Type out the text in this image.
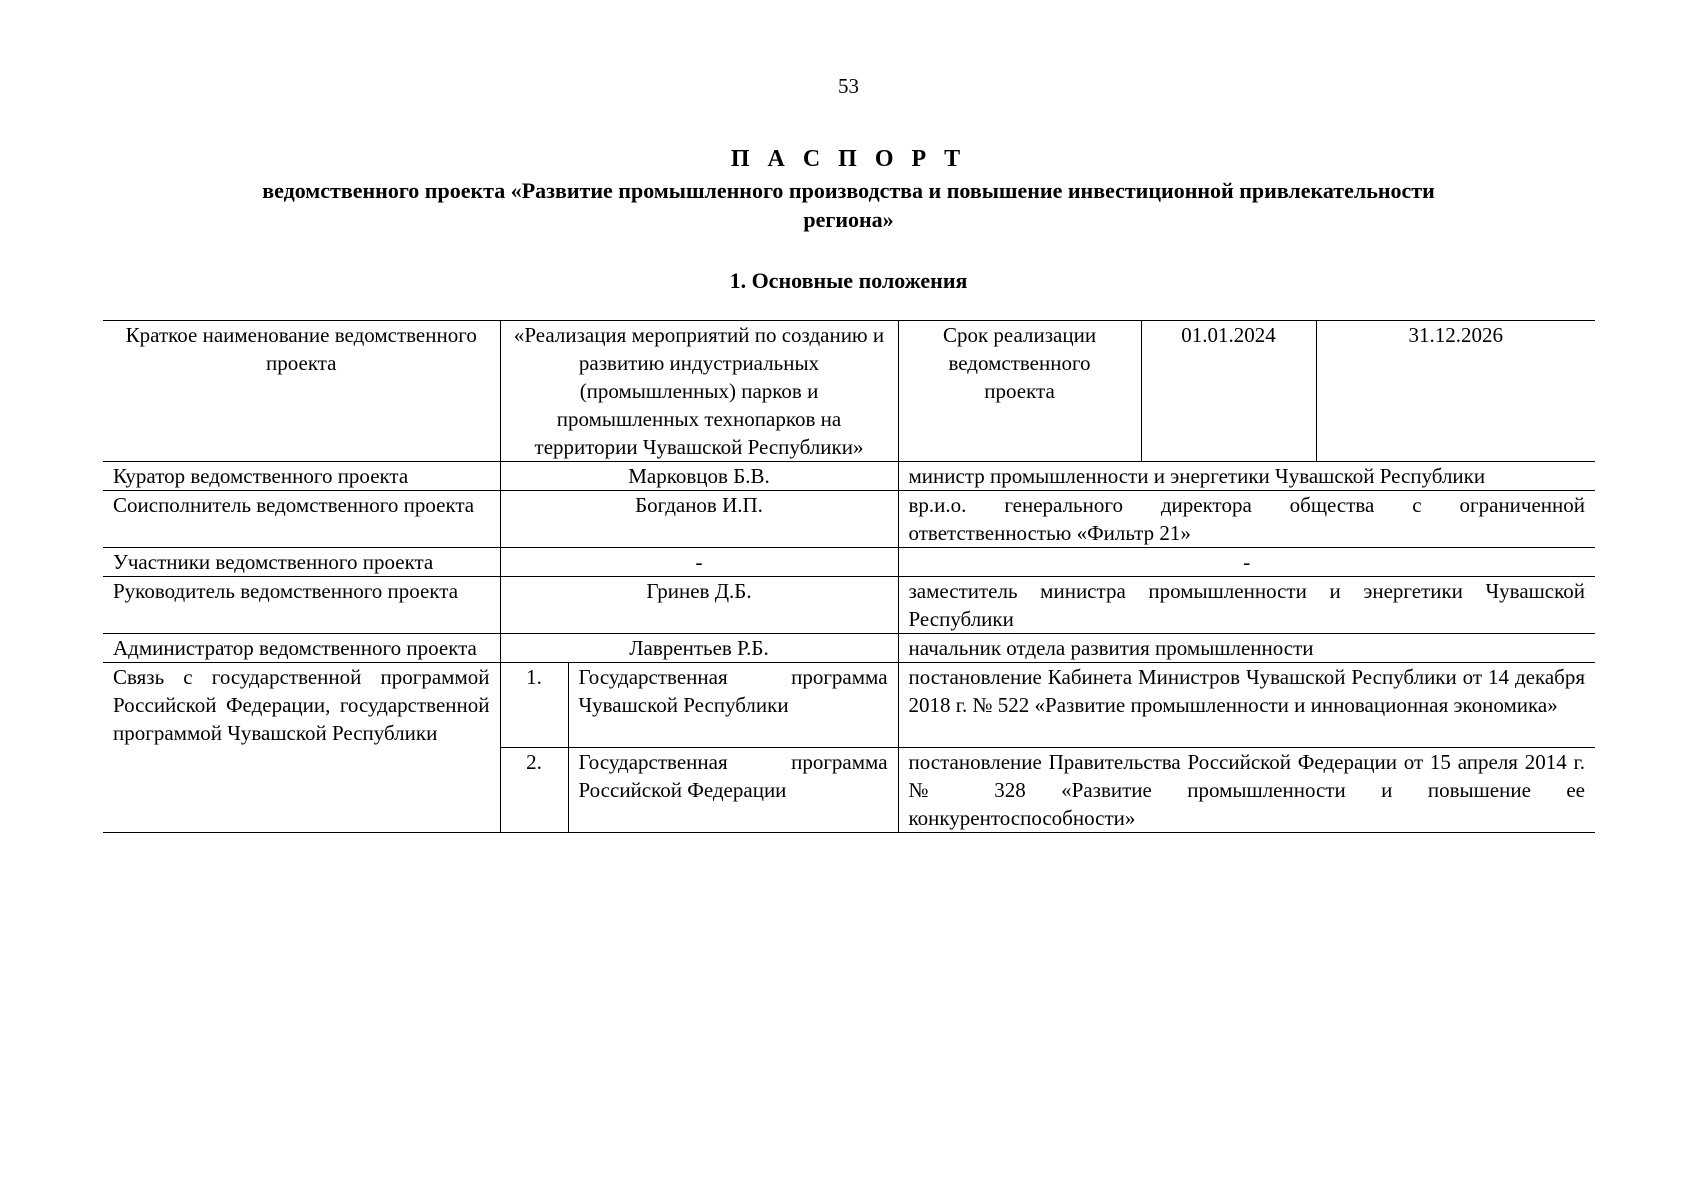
53
П А С П О Р Т
ведомственного проекта «Развитие промышленного производства и повышение инвестиционной привлекательности региона»
1. Основные положения
Краткое наименование ведомственного проекта	«Реализация мероприятий по созданию и развитию индустриальных (промышленных) парков и промышленных технопарков на территории Чувашской Республики»		Срок реализации ведомственного проекта	01.01.2024	31.12.2026
Куратор ведомственного проекта	Марковцов Б.В.		министр промышленности и энергетики Чувашской Республики		
Соисполнитель ведомственного проекта	Богданов И.П.		вр.и.о. генерального директора общества с ограниченной ответственностью «Фильтр 21»		
Участники ведомственного проекта	-		-		
Руководитель ведомственного проекта	Гринев Д.Б.		заместитель министра промышленности и энергетики Чувашской Республики		
Администратор ведомственного проекта	Лаврентьев Р.Б.		начальник отдела развития промышленности		
Связь с государственной программой Российской Федерации, государственной программой Чувашской Республики	1.	Государственная программа Чувашской Республики	постановление Кабинета Министров Чувашской Республики от 14 декабря 2018 г. № 522 «Развитие промышленности и инновационная экономика»		
	2.	Государственная программа Российской Федерации	постановление Правительства Российской Федерации от 15 апреля 2014 г. № 328 «Развитие промышленности и повышение ее конкурентоспособности»		
